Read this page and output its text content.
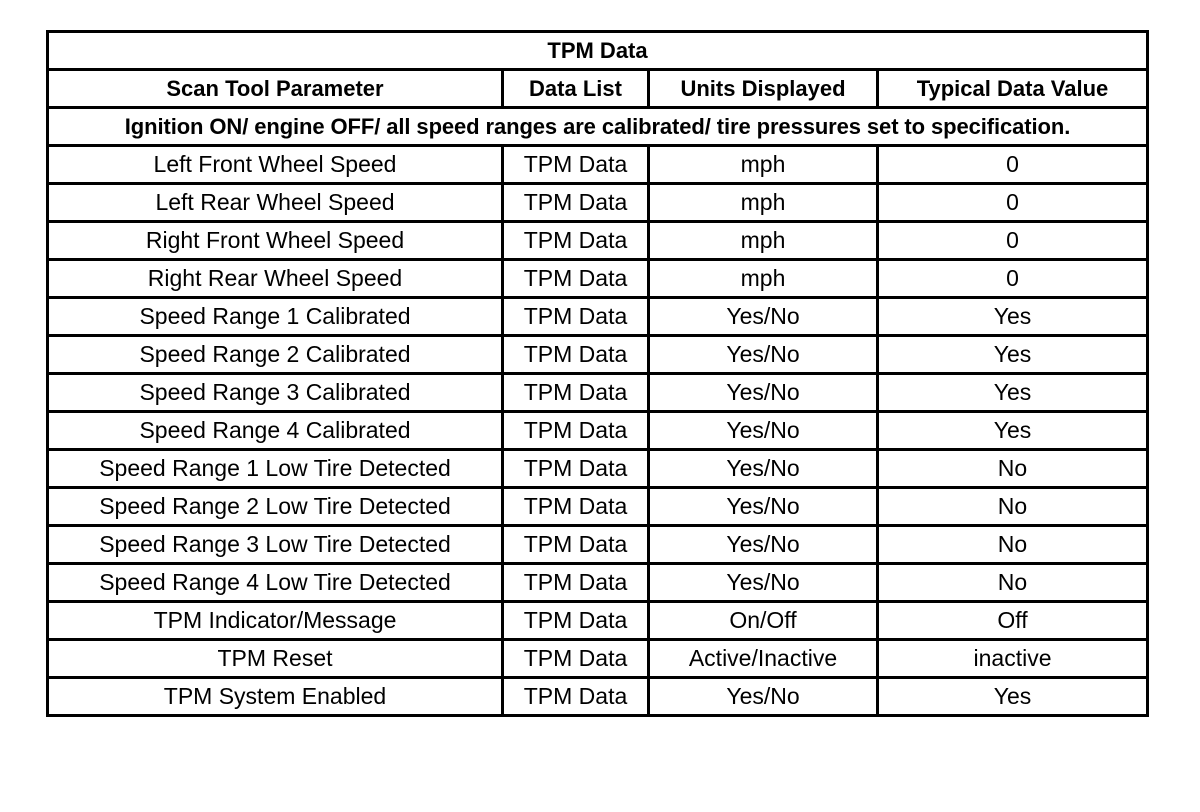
TPM Data			
Scan Tool Parameter	Data List	Units Displayed	Typical Data Value
Ignition ON/ engine OFF/ all speed ranges are calibrated/ tire pressures set to specification.			
Left Front Wheel Speed	TPM Data	mph	0
Left Rear Wheel Speed	TPM Data	mph	0
Right Front Wheel Speed	TPM Data	mph	0
Right Rear Wheel Speed	TPM Data	mph	0
Speed Range 1 Calibrated	TPM Data	Yes/No	Yes
Speed Range 2 Calibrated	TPM Data	Yes/No	Yes
Speed Range 3 Calibrated	TPM Data	Yes/No	Yes
Speed Range 4 Calibrated	TPM Data	Yes/No	Yes
Speed Range 1 Low Tire Detected	TPM Data	Yes/No	No
Speed Range 2 Low Tire Detected	TPM Data	Yes/No	No
Speed Range 3 Low Tire Detected	TPM Data	Yes/No	No
Speed Range 4 Low Tire Detected	TPM Data	Yes/No	No
TPM Indicator/Message	TPM Data	On/Off	Off
TPM Reset	TPM Data	Active/Inactive	inactive
TPM System Enabled	TPM Data	Yes/No	Yes
